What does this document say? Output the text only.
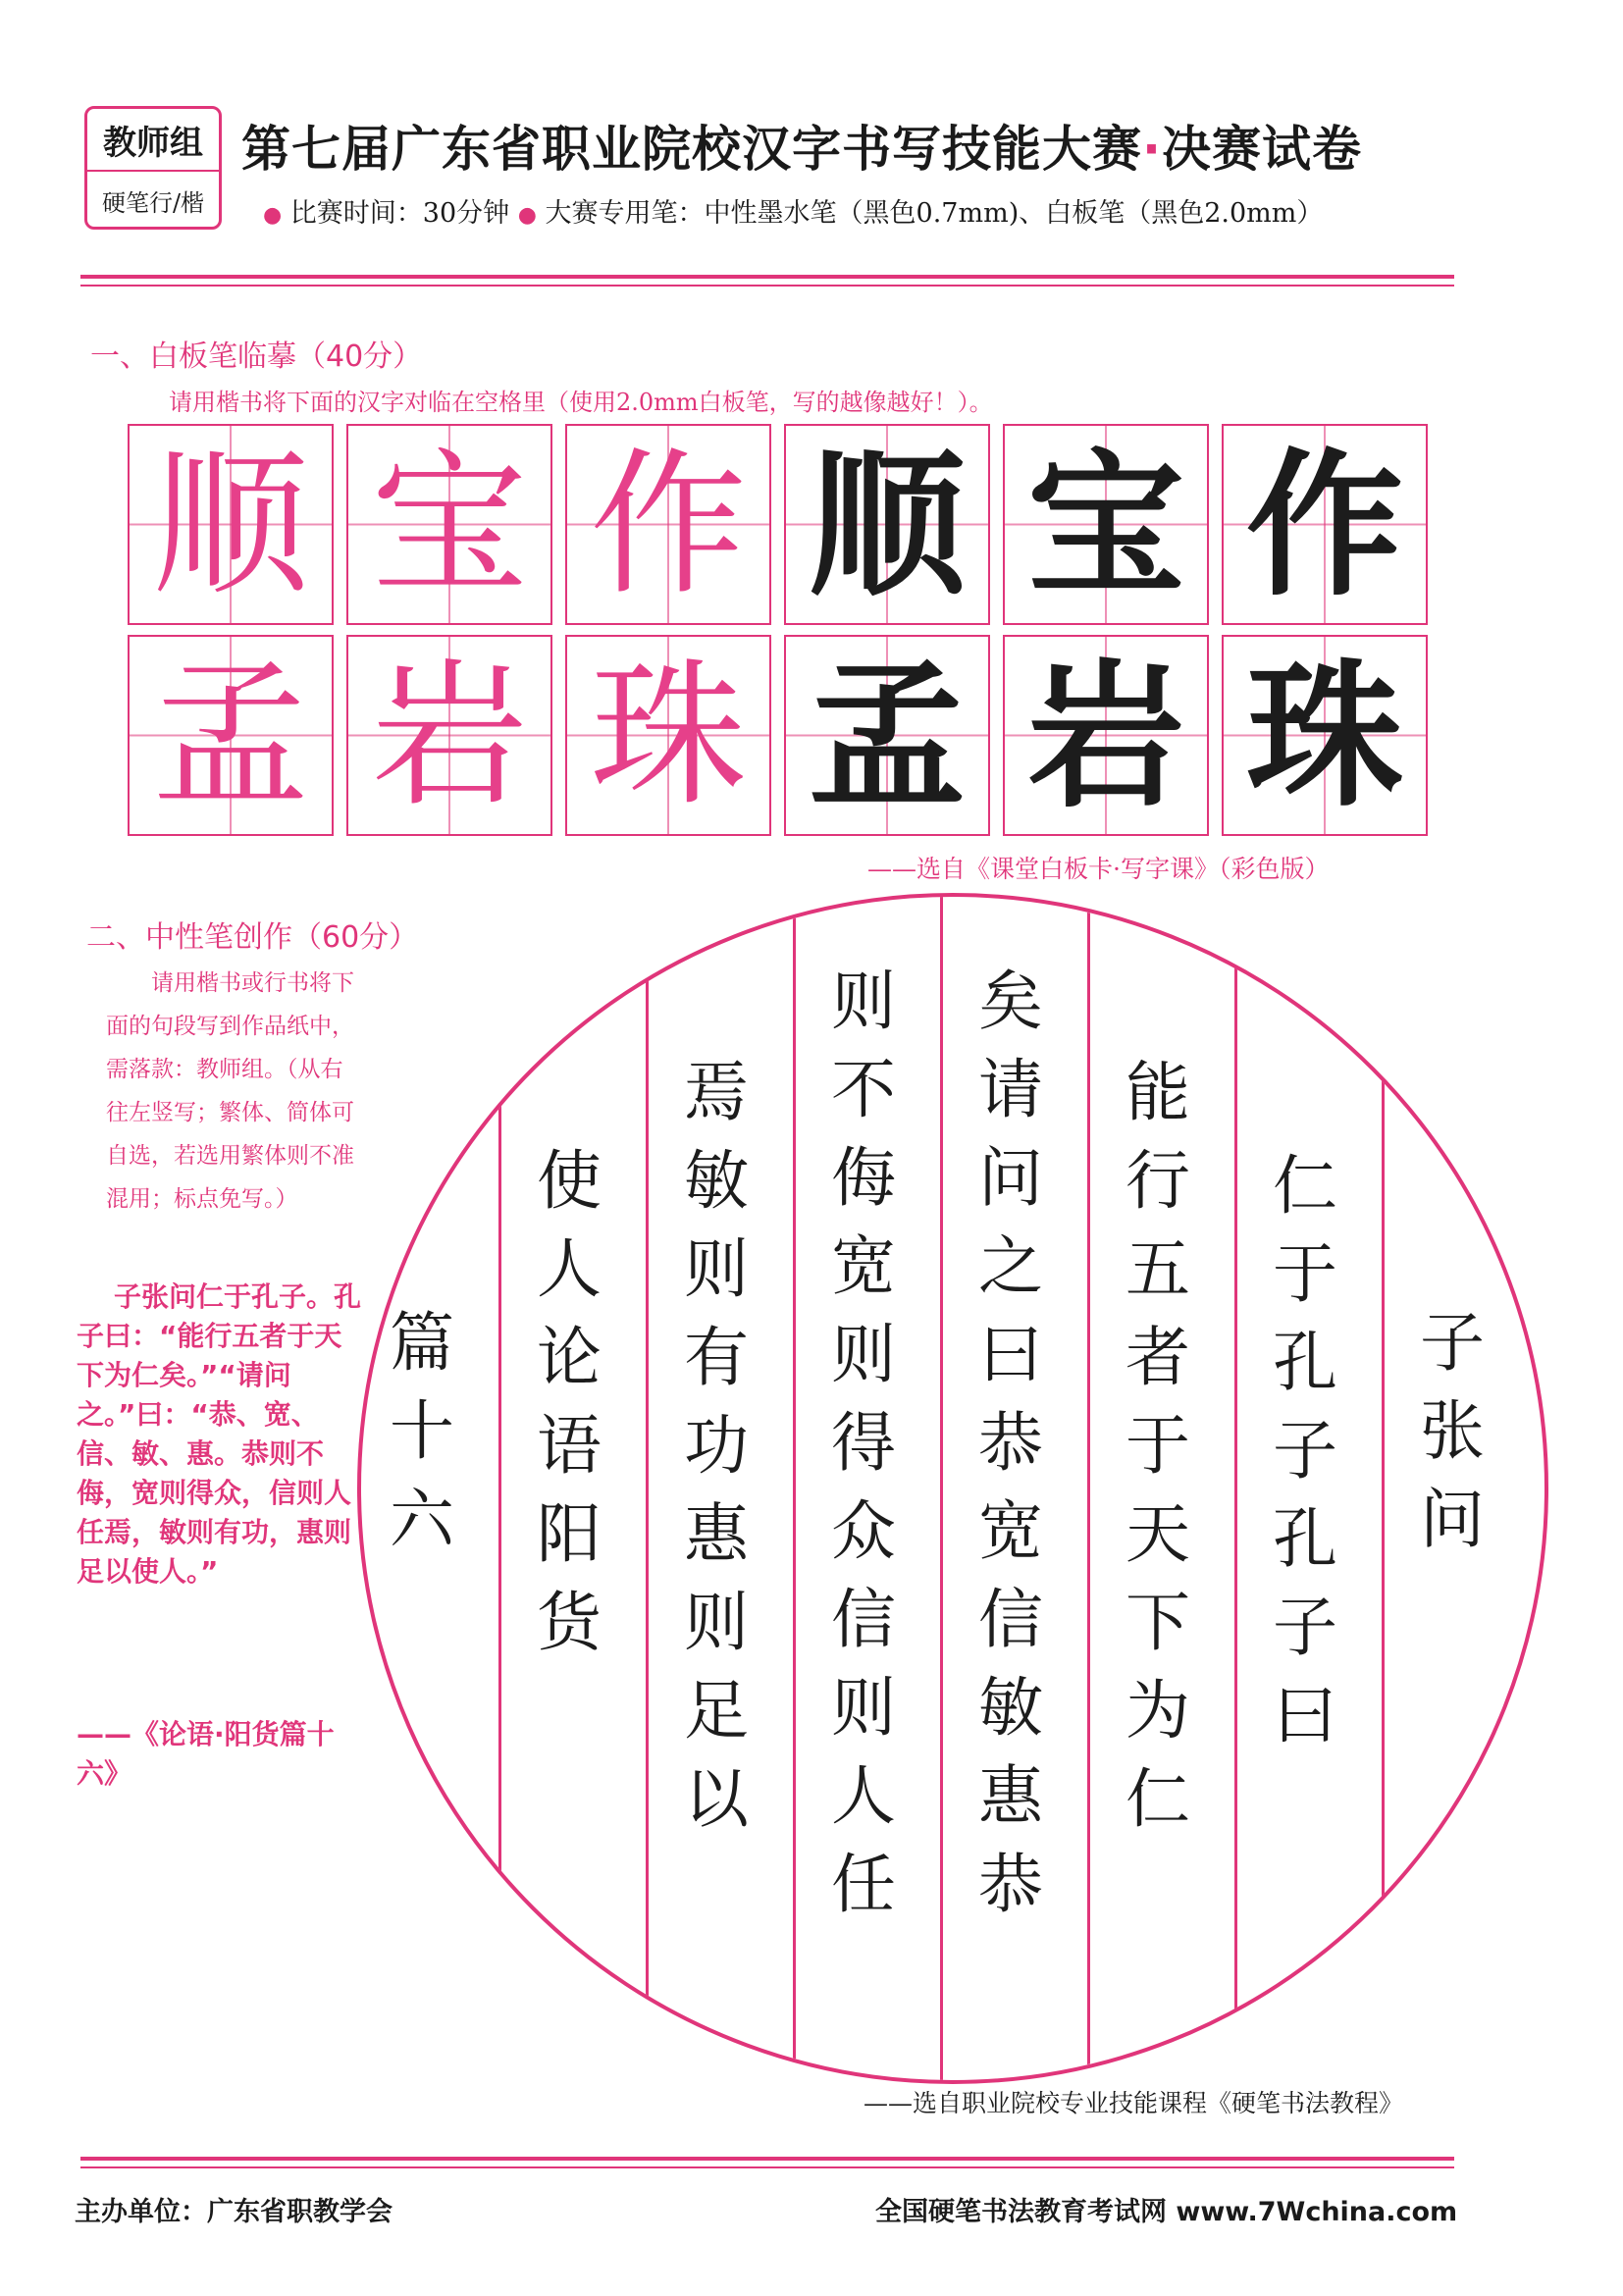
教师组
硬笔行/楷
第七届广东省职业院校汉字书写技能大赛·决赛试卷
● 比赛时间：30分钟 ● 大赛专用笔：中性墨水笔（黑色0.7mm)、白板笔（黑色2.0mm）
一、白板笔临摹（40分）
请用楷书将下面的汉字对临在空格里（使用2.0mm白板笔，写的越像越好！）。
顺 宝 作 顺 宝 作
孟 岩 珠 孟 岩 珠
——选自《课堂白板卡·写字课》（彩色版）
二、中性笔创作（60分）
请用楷书或行书将下面的句段写到作品纸中，需落款：教师组。（从右往左竖写；繁体、简体可自选，若选用繁体则不准混用；标点免写。）
子张问仁于孔子。孔子曰：“能行五者于天下为仁矣。”“请问之。”曰：“恭、宽、信、敏、惠。恭则不侮，宽则得众，信则人任焉，敏则有功，惠则足以使人。”
——《论语·阳货篇十六》
子
张
问
仁
于
孔
子
孔
子
曰
能
行
五
者
于
天
下
为
仁
矣
请
问
之
曰
恭
宽
信
敏
惠
恭
则
不
侮
宽
则
得
众
信
则
人
任
焉
敏
则
有
功
惠
则
足
以
使
人
论
语
阳
货
篇
十
六
——选自职业院校专业技能课程《硬笔书法教程》
主办单位：广东省职教学会	全国硬笔书法教育考试网 www.7Wchina.com
